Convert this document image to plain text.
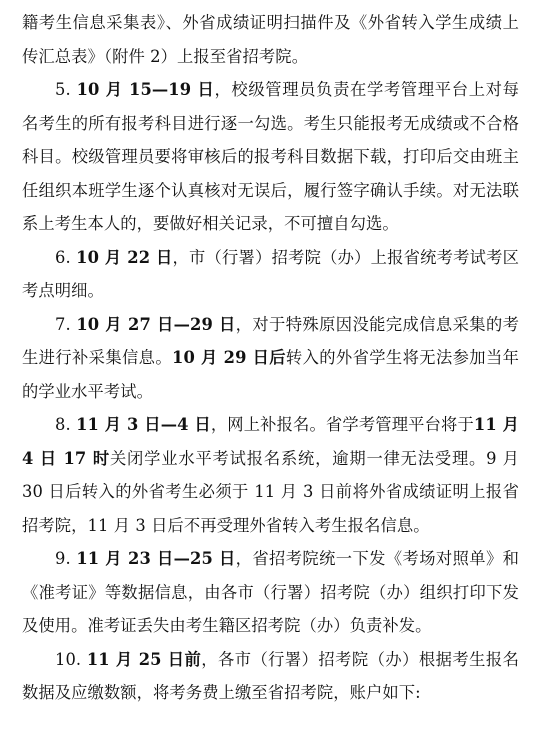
籍考生信息采集表》、外省成绩证明扫描件及《外省转入学生成绩上传汇总表》（附件 2）上报至省招考院。

5. 10 月 15—19 日，校级管理员负责在学考管理平台上对每名考生的所有报考科目进行逐一勾选。考生只能报考无成绩或不合格科目。校级管理员要将审核后的报考科目数据下载，打印后交由班主任组织本班学生逐个认真核对无误后，履行签字确认手续。对无法联系上考生本人的，要做好相关记录，不可擅自勾选。

6. 10 月 22 日，市（行署）招考院（办）上报省统考考试考区考点明细。

7. 10 月 27 日—29 日，对于特殊原因没能完成信息采集的考生进行补采集信息。10 月 29 日后转入的外省学生将无法参加当年的学业水平考试。

8. 11 月 3 日—4 日，网上补报名。省学考管理平台将于11 月 4 日 17 时关闭学业水平考试报名系统，逾期一律无法受理。9 月 30 日后转入的外省考生必须于 11 月 3 日前将外省成绩证明上报省招考院，11 月 3 日后不再受理外省转入考生报名信息。

9. 11 月 23 日—25 日，省招考院统一下发《考场对照单》和《准考证》等数据信息，由各市（行署）招考院（办）组织打印下发及使用。准考证丢失由考生籍区招考院（办）负责补发。

10. 11 月 25 日前，各市（行署）招考院（办）根据考生报名数据及应缴数额，将考务费上缴至省招考院，账户如下:
